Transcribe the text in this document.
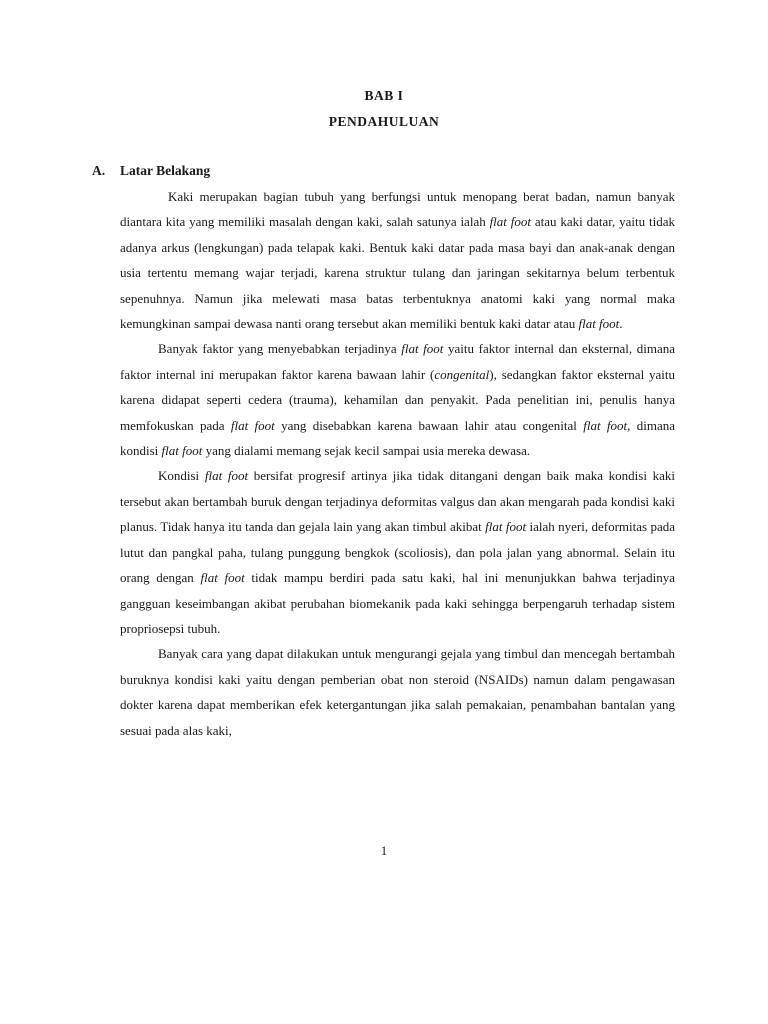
BAB I
PENDAHULUAN
A. Latar Belakang

Kaki merupakan bagian tubuh yang berfungsi untuk menopang berat badan, namun banyak diantara kita yang memiliki masalah dengan kaki, salah satunya ialah flat foot atau kaki datar, yaitu tidak adanya arkus (lengkungan) pada telapak kaki. Bentuk kaki datar pada masa bayi dan anak-anak dengan usia tertentu memang wajar terjadi, karena struktur tulang dan jaringan sekitarnya belum terbentuk sepenuhnya. Namun jika melewati masa batas terbentuknya anatomi kaki yang normal maka kemungkinan sampai dewasa nanti orang tersebut akan memiliki bentuk kaki datar atau flat foot.

Banyak faktor yang menyebabkan terjadinya flat foot yaitu faktor internal dan eksternal, dimana faktor internal ini merupakan faktor karena bawaan lahir (congenital), sedangkan faktor eksternal yaitu karena didapat seperti cedera (trauma), kehamilan dan penyakit. Pada penelitian ini, penulis hanya memfokuskan pada flat foot yang disebabkan karena bawaan lahir atau congenital flat foot, dimana kondisi flat foot yang dialami memang sejak kecil sampai usia mereka dewasa.

Kondisi flat foot bersifat progresif artinya jika tidak ditangani dengan baik maka kondisi kaki tersebut akan bertambah buruk dengan terjadinya deformitas valgus dan akan mengarah pada kondisi kaki planus. Tidak hanya itu tanda dan gejala lain yang akan timbul akibat flat foot ialah nyeri, deformitas pada lutut dan pangkal paha, tulang punggung bengkok (scoliosis), dan pola jalan yang abnormal. Selain itu orang dengan flat foot tidak mampu berdiri pada satu kaki, hal ini menunjukkan bahwa terjadinya gangguan keseimbangan akibat perubahan biomekanik pada kaki sehingga berpengaruh terhadap sistem propriosepsi tubuh.

Banyak cara yang dapat dilakukan untuk mengurangi gejala yang timbul dan mencegah bertambah buruknya kondisi kaki yaitu dengan pemberian obat non steroid (NSAIDs) namun dalam pengawasan dokter karena dapat memberikan efek ketergantungan jika salah pemakaian, penambahan bantalan yang sesuai pada alas kaki,

1
